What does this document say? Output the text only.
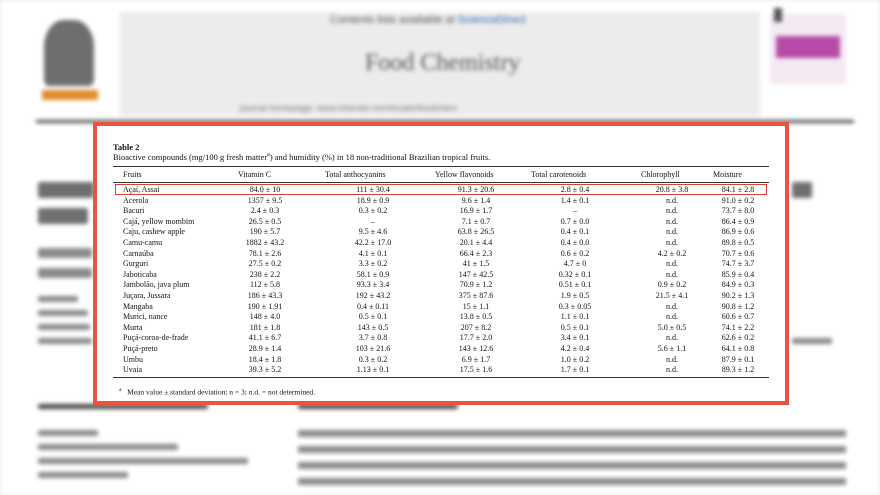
Contents lists available at ScienceDirect
Food Chemistry
journal homepage: www.elsevier.com/locate/foodchem
Table 2
Bioactive compounds (mg/100 g fresh matter$^a$) and humidity (%) in 18 non-traditional Brazilian tropical fruits.
Fruits	Vitamin C	Total anthocyanins	Yellow flavonoids	Total carotenoids	Chlorophyll	Moisture
Açaí, Assai	84.0 ± 10	111 ± 30.4	91.3 ± 20.6	2.8 ± 0.4	20.8 ± 3.8	84.1 ± 2.8
Acerola	1357 ± 9.5	18.9 ± 0.9	9.6 ± 1.4	1.4 ± 0.1	n.d.	91.0 ± 0.2
Bacuri	2.4 ± 0.3	0.3 ± 0.2	16.9 ± 1.7	–	n.d.	73.7 ± 8.0
Cajá, yellow mombim	26.5 ± 0.5	–	7.1 ± 0.7	0.7 ± 0.0	n.d.	86.4 ± 0.9
Caju, cashew apple	190 ± 5.7	9.5 ± 4.6	63.8 ± 26.5	0.4 ± 0.1	n.d.	86.9 ± 0.6
Camu-camu	1882 ± 43.2	42.2 ± 17.0	20.1 ± 4.4	0.4 ± 0.0	n.d.	89.8 ± 0.5
Carnaúba	78.1 ± 2.6	4.1 ± 0.1	66.4 ± 2.3	0.6 ± 0.2	4.2 ± 0.2	70.7 ± 0.6
Gurguri	27.5 ± 0.2	3.3 ± 0.2	41 ± 1.5	4.7 ± 0	n.d.	74.7 ± 3.7
Jaboticaba	238 ± 2.2	58.1 ± 0.9	147 ± 42.5	0.32 ± 0.1	n.d.	85.9 ± 0.4
Jambolão, java plum	112 ± 5.8	93.3 ± 3.4	70.9 ± 1.2	0.51 ± 0.1	0.9 ± 0.2	84.9 ± 0.3
Juçara, Jussara	186 ± 43.3	192 ± 43.2	375 ± 87.6	1.9 ± 0.5	21.5 ± 4.1	90.2 ± 1.3
Mangaba	190 ± 1.91	0.4 ± 0.11	15 ± 1.1	0.3 ± 0.05	n.d.	90.8 ± 1.2
Murici, nance	148 ± 4.0	0.5 ± 0.1	13.8 ± 0.5	1.1 ± 0.1	n.d.	60.6 ± 0.7
Murta	181 ± 1.8	143 ± 0.5	207 ± 8.2	0.5 ± 0.1	5.0 ± 0.5	74.1 ± 2.2
Puçá-coroa-de-frade	41.1 ± 6.7	3.7 ± 0.8	17.7 ± 2.0	3.4 ± 0.1	n.d.	62.6 ± 0.2
Puçá-preto	28.9 ± 1.4	103 ± 21.6	143 ± 12.6	4.2 ± 0.4	5.6 ± 1.1	64.1 ± 0.8
Umbu	18.4 ± 1.8	0.3 ± 0.2	6.9 ± 1.7	1.0 ± 0.2	n.d.	87.9 ± 0.1
Uvaia	39.3 ± 5.2	1.13 ± 0.1	17.5 ± 1.6	1.7 ± 0.1	n.d.	89.3 ± 1.2
$^a$ Mean value ± standard deviation; n = 3; n.d. = not determined.
